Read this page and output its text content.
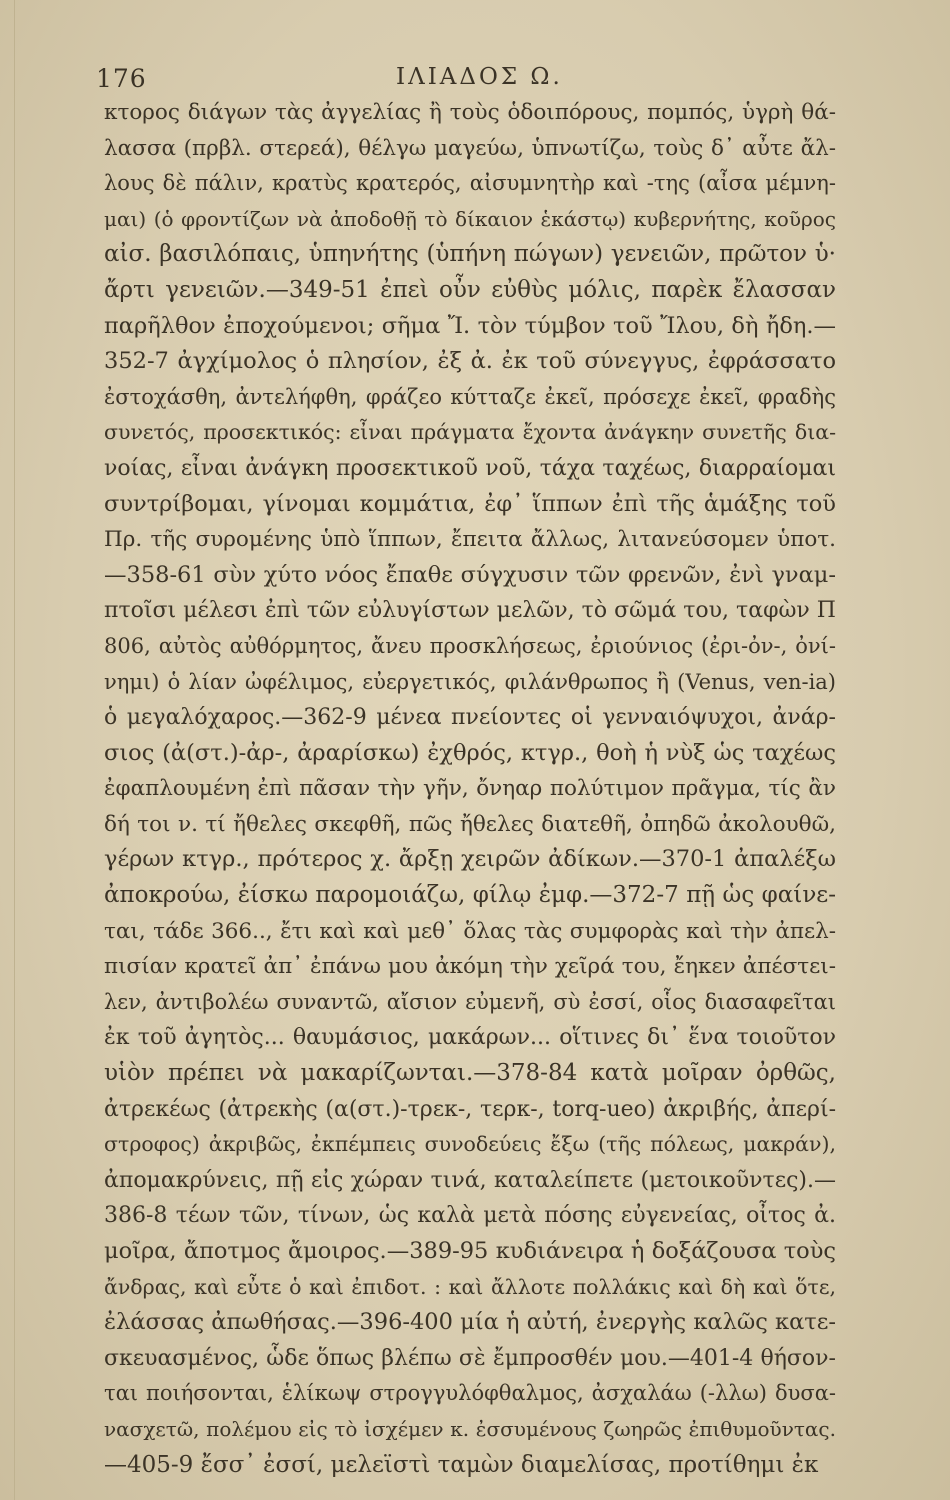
176	ΙΛΙΑΔΟΣ Ω.
κτορος διάγων τὰς ἀγγελίας ἢ τοὺς ὁδοιπόρους, πομπός, ὑγρὴ θά-
λασσα (πρβλ. στερεά), θέλγω μαγεύω, ὑπνωτίζω, τοὺς δ᾽ αὖτε ἄλ-
λους δὲ πάλιν, κρατὺς κρατερός, αἰσυμνητὴρ καὶ -της (αἶσα μέμνη-
μαι) (ὁ φροντίζων νὰ ἀποδοθῇ τὸ δίκαιον ἑκάστῳ) κυβερνήτης, κοῦρος
αἰσ. βασιλόπαις, ὑπηνήτης (ὑπήνη πώγων) γενειῶν, πρῶτον ὑ·
ἄρτι γενειῶν.—349-51 ἐπεὶ οὖν εὐθὺς μόλις, παρὲκ ἔλασσαν
παρῆλθον ἐποχούμενοι; σῆμα Ἴ. τὸν τύμβον τοῦ Ἴλου, δὴ ἤδη.—
352-7 ἀγχίμολος ὁ πλησίον, ἐξ ἀ. ἐκ τοῦ σύνεγγυς, ἐφράσσατο
ἐστοχάσθη, ἀντελήφθη, φράζεο κύτταζε ἐκεῖ, πρόσεχε ἐκεῖ, φραδὴς
συνετός, προσεκτικός: εἶναι πράγματα ἔχοντα ἀνάγκην συνετῆς δια-
νοίας, εἶναι ἀνάγκη προσεκτικοῦ νοῦ, τάχα ταχέως, διαρραίομαι
συντρίβομαι, γίνομαι κομμάτια, ἐφ᾽ ἵππων ἐπὶ τῆς ἁμάξης τοῦ
Πρ. τῆς συρομένης ὑπὸ ἵππων, ἔπειτα ἄλλως, λιτανεύσομεν ὑποτ.
—358-61 σὺν χύτο νόος ἔπαθε σύγχυσιν τῶν φρενῶν, ἐνὶ γναμ-
πτοῖσι μέλεσι ἐπὶ τῶν εὐλυγίστων μελῶν, τὸ σῶμά του, ταφὼν Π
806, αὐτὸς αὐθόρμητος, ἄνευ προσκλήσεως, ἐριούνιος (ἐρι-ὀν-, ὀνί-
νημι) ὁ λίαν ὠφέλιμος, εὐεργετικός, φιλάνθρωπος ἢ (Venus, ven-ia)
ὁ μεγαλόχαρος.—362-9 μένεα πνείοντες οἱ γενναιόψυχοι, ἀνάρ-
σιος (ἀ(στ.)-ἀρ-, ἀραρίσκω) ἐχθρός, κτγρ., θοὴ ἡ νὺξ ὡς ταχέως
ἐφαπλουμένη ἐπὶ πᾶσαν τὴν γῆν, ὄνηαρ πολύτιμον πρᾶγμα, τίς ἂν
δή τοι ν. τί ἤθελες σκεφθῆ, πῶς ἤθελες διατεθῆ, ὀπηδῶ ἀκολουθῶ,
γέρων κτγρ., πρότερος χ. ἄρξῃ χειρῶν ἀδίκων.—370-1 ἀπαλέξω
ἀποκρούω, ἐίσκω παρομοιάζω, φίλῳ ἐμφ.—372-7 πῇ ὡς φαίνε-
ται, τάδε 366.., ἔτι καὶ καὶ μεθ᾽ ὅλας τὰς συμφορὰς καὶ τὴν ἀπελ-
πισίαν κρατεῖ ἀπ᾽ ἐπάνω μου ἀκόμη τὴν χεῖρά του, ἔηκεν ἀπέστει-
λεν, ἀντιβολέω συναντῶ, αἴσιον εὐμενῆ, σὺ ἐσσί, οἷος διασαφεῖται
ἐκ τοῦ ἀγητὸς... θαυμάσιος, μακάρων... οἵτινες δι᾽ ἕνα τοιοῦτον
υἱὸν πρέπει νὰ μακαρίζωνται.—378-84 κατὰ μοῖραν ὀρθῶς,
ἀτρεκέως (ἀτρεκὴς (α(στ.)-τρεκ-, τερκ-, torq-ueo) ἀκριβής, ἀπερί-
στροφος) ἀκριβῶς, ἐκπέμπεις συνοδεύεις ἔξω (τῆς πόλεως, μακράν),
ἀπομακρύνεις, πῇ εἰς χώραν τινά, καταλείπετε (μετοικοῦντες).—
386-8 τέων τῶν, τίνων, ὡς καλὰ μετὰ πόσης εὐγενείας, οἶτος ἀ.
μοῖρα, ἄποτμος ἄμοιρος.—389-95 κυδιάνειρα ἡ δοξάζουσα τοὺς
ἄνδρας, καὶ εὖτε ὁ καὶ ἐπιδοτ. : καὶ ἄλλοτε πολλάκις καὶ δὴ καὶ ὅτε,
ἐλάσσας ἀπωθήσας.—396-400 μία ἡ αὐτή, ἐνεργὴς καλῶς κατε-
σκευασμένος, ὧδε ὅπως βλέπω σὲ ἔμπροσθέν μου.—401-4 θήσον-
ται ποιήσονται, ἑλίκωψ στρογγυλόφθαλμος, ἀσχαλάω (-λλω) δυσα-
νασχετῶ, πολέμου εἰς τὸ ἰσχέμεν κ. ἐσσυμένους ζωηρῶς ἐπιθυμοῦντας.
—405-9 ἔσσ᾽ ἐσσί, μελεϊστὶ ταμὼν διαμελίσας, προτίθημι ἐκ
